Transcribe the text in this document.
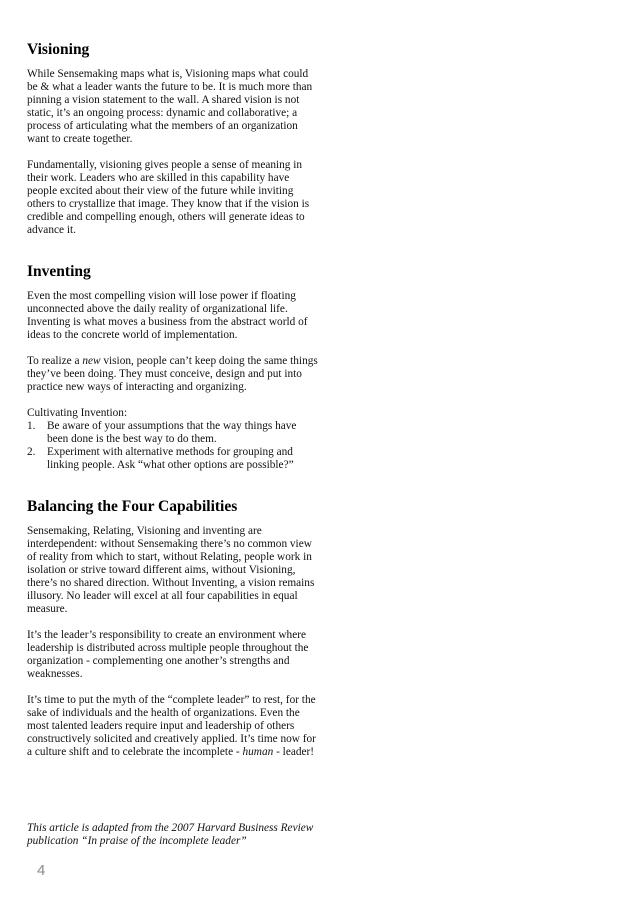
Visioning

While Sensemaking maps what is, Visioning maps what could be & what a leader wants the future to be. It is much more than pinning a vision statement to the wall. A shared vision is not static, it’s an ongoing process: dynamic and collaborative; a process of articulating what the members of an organization want to create together.

Fundamentally, visioning gives people a sense of meaning in their work. Leaders who are skilled in this capability have people excited about their view of the future while inviting others to crystallize that image. They know that if the vision is credible and compelling enough, others will generate ideas to advance it.

Inventing

Even the most compelling vision will lose power if floating unconnected above the daily reality of organizational life. Inventing is what moves a business from the abstract world of ideas to the concrete world of implementation.

To realize a new vision, people can’t keep doing the same things they’ve been doing. They must conceive, design and put into practice new ways of interacting and organizing.

Cultivating Invention:

1.	Be aware of your assumptions that the way things have been done is the best way to do them.
2.	Experiment with alternative methods for grouping and linking people. Ask “what other options are possible?”
Balancing the Four Capabilities

Sensemaking, Relating, Visioning and inventing are interdependent: without Sensemaking there’s no common view of reality from which to start, without Relating, people work in isolation or strive toward different aims, without Visioning, there’s no shared direction. Without Inventing, a vision remains illusory. No leader will excel at all four capabilities in equal measure.

It’s the leader’s responsibility to create an environment where leadership is distributed across multiple people throughout the organization - complementing one another’s strengths and weaknesses.

It’s time to put the myth of the “complete leader” to rest, for the sake of individuals and the health of organizations. Even the most talented leaders require input and leadership of others constructively solicited and creatively applied. It’s time now for a culture shift and to celebrate the incomplete - human - leader!

This article is adapted from the 2007 Harvard Business Review publication “In praise of the incomplete leader”

4
